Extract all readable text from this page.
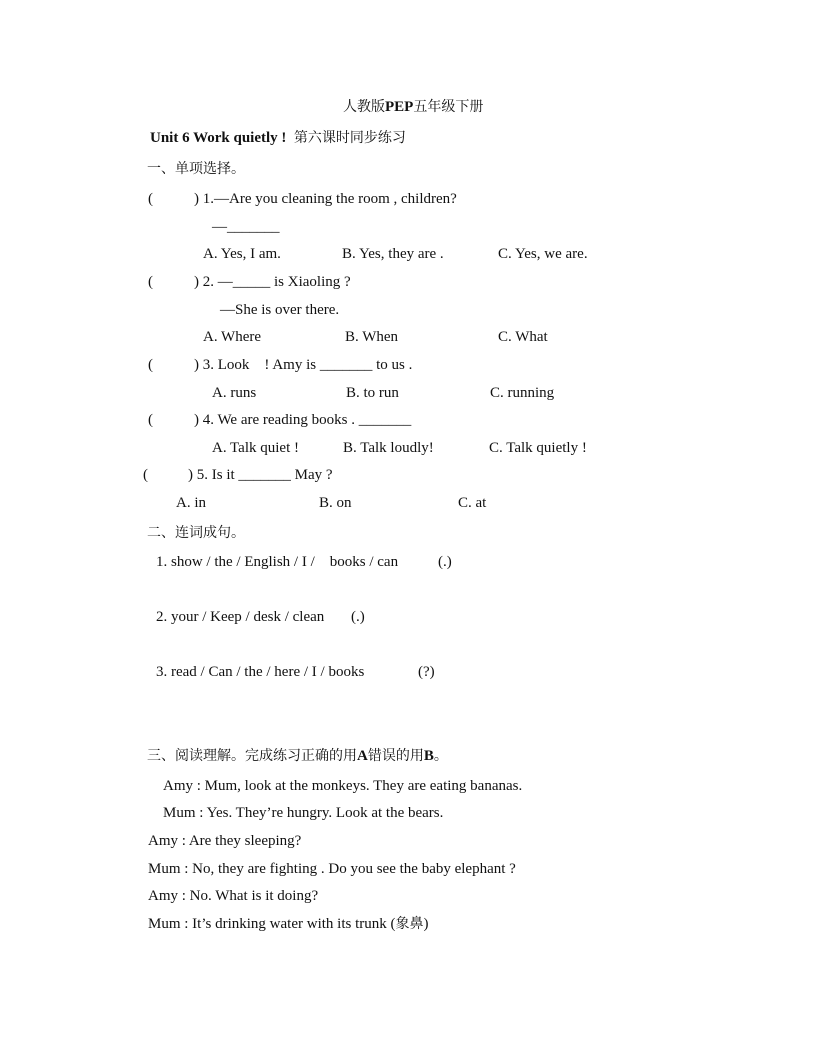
人教版PEP五年级下册
Unit 6 Work quietly ! 第六课时同步练习
一、单项选择。
(	) 1.—Are you cleaning the room , children?
—_______
A. Yes, I am.	B. Yes, they are .	C. Yes, we are.
(	) 2. —_____ is Xiaoling ?
—She is over there.
A. Where	B. When	C. What
(	) 3. Look    ! Amy is _______ to us .
A. runs	B. to run	C. running
(	) 4. We are reading books . _______
A. Talk quiet !	B. Talk loudly!	C. Talk quietly !
(	) 5. Is it _______ May ?
A. in	B. on	C. at
二、连词成句。
1. show / the / English / I /    books / can	(.)
2. your / Keep / desk / clean (.)
3. read / Can / the / here / I / books	(?)
三、阅读理解。完成练习正确的用A错误的用B。
Amy : Mum, look at the monkeys. They are eating bananas.
Mum : Yes. They’re hungry. Look at the bears.
Amy : Are they sleeping?
Mum : No, they are fighting . Do you see the baby elephant ?
Amy : No. What is it doing?
Mum : It’s drinking water with its trunk (象鼻)
